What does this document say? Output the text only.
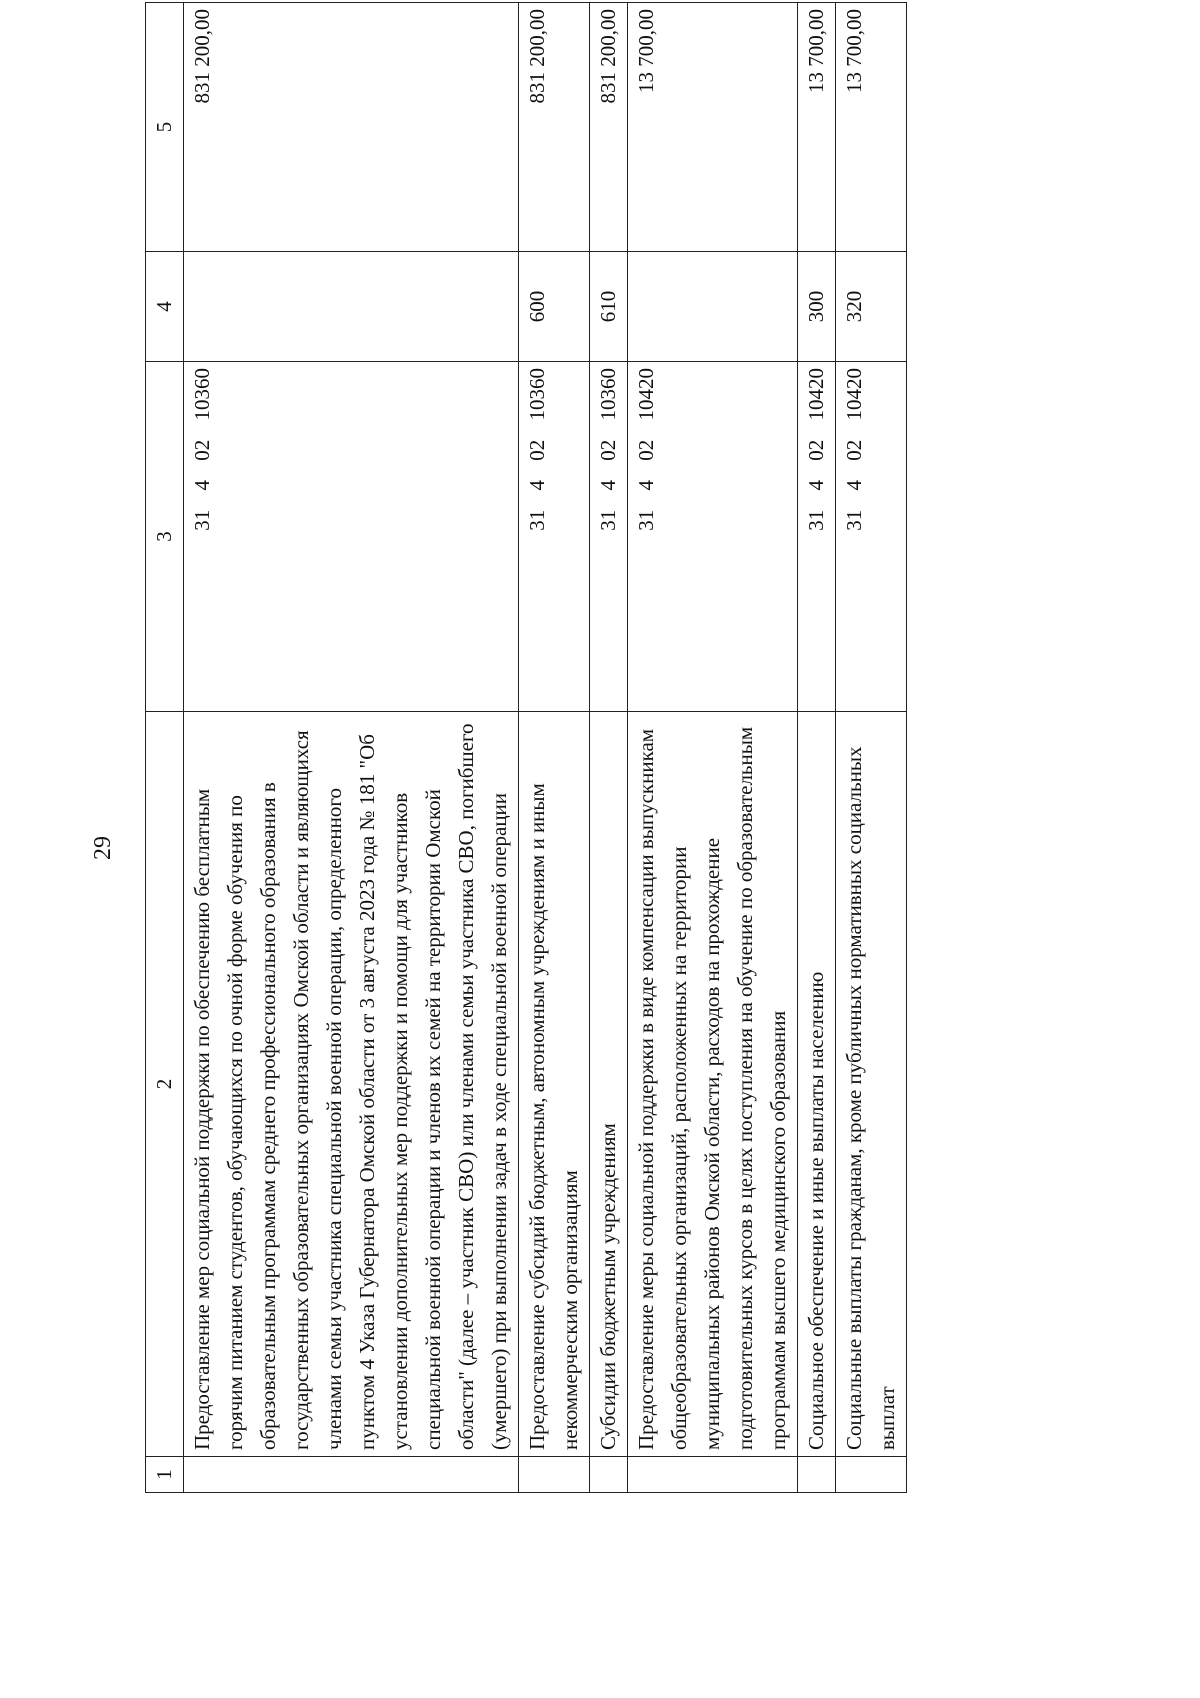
29
1	2	3	4	5
	Предоставление мер социальной поддержки по обеспечению бесплатным горячим питанием студентов, обучающихся по очной форме обучения по образовательным программам среднего профессионального образования в государственных образовательных организациях Омской области и являющихся членами семьи участника специальной военной операции, определенного пунктом 4 Указа Губернатора Омской области от 3 августа 2023 года № 181 "Об установлении дополнительных мер поддержки и помощи для участников специальной военной операции и членов их семей на территории Омской области" (далее – участник СВО) или членами семьи участника СВО, погибшего (умершего) при выполнении задач в ходе специальной военной операции	31 4 02 10360		831 200,00
	Предоставление субсидий бюджетным, автономным учреждениям и иным некоммерческим организациям	31 4 02 10360	600	831 200,00
	Субсидии бюджетным учреждениям	31 4 02 10360	610	831 200,00
	Предоставление меры социальной поддержки в виде компенсации выпускникам общеобразовательных организаций, расположенных на территории муниципальных районов Омской области, расходов на прохождение подготовительных курсов в целях поступления на обучение по образовательным программам высшего медицинского образования	31 4 02 10420		13 700,00
	Социальное обеспечение и иные выплаты населению	31 4 02 10420	300	13 700,00
	Социальные выплаты гражданам, кроме публичных нормативных социальных выплат	31 4 02 10420	320	13 700,00
